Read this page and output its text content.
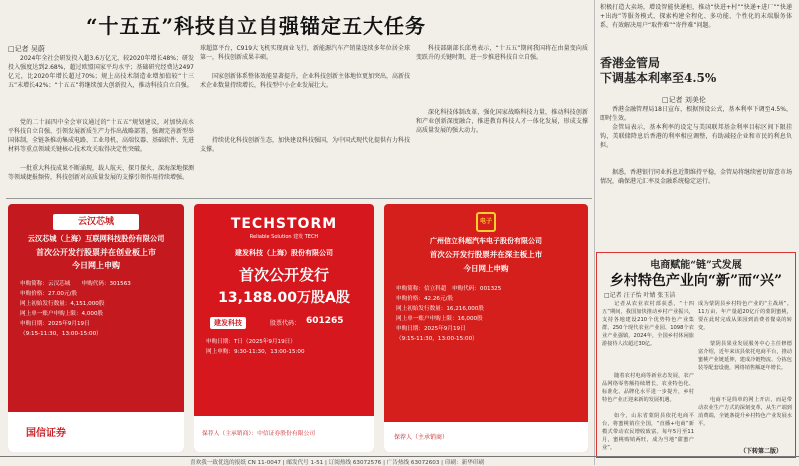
“十五五”科技自立自强锚定五大任务
□记者 吴蔚

2024年全社会研发投入超3.6万亿元，较2020年增长48%；研发投入强度达到2.68%，超过欧盟国家平均水平；基础研究经费达2497亿元，比2020年增长超过70%；规上高技术制造业增加值较“十三五”末增长42%；“十五五”将继续加大创新投入，推动科技自立自强。

党的二十届四中全会审议通过的“十五五”规划建议，对加快高水平科技自立自强、引领发展新质生产力作出战略部署，强调完善新型举国体制，全链条推动集成电路、工业母机、高端仪器、基础软件、先进材料等重点领域关键核心技术攻关取得决定性突破。

一批重大科技成果不断涌现，载人航天、探月探火、深海深地探测等领域捷报频传，科技创新对高质量发展的支撑引领作用持续增强。

球超算平台，C919大飞机实现商业飞行，新能源汽车产销量连续多年位居全球第一，科技创新成果丰硕。

国家创新体系整体效能显著提升，企业科技创新主体地位更加突出，高新技术企业数量持续增长，科技型中小企业发展壮大。

持续优化科技创新生态，加快建设科技强国，为中国式现代化提供有力科技支撑。

科技部副部长邱勇表示，“十五五”期间我国将在由量变向质变跃升的关键时期，进一步推进科技自立自强。

深化科技体制改革，强化国家战略科技力量，推动科技创新和产业创新深度融合，推进教育科技人才一体化发展，形成支撑高质量发展的强大动力。

积极打造大卖场，增设智能快递柜，推动“快进+村”“快递+进厂”“快递+出海”等服务模式，探索构建全程化、多功能、个性化的末端服务体系，有效解决用户“取件难”“寄件难”问题。

香港金管局
下调基本利率至4.5%
□记者 刘美伦

香港金融管理局18日宣布，根据预设公式，基本利率下调至4.5%，即时生效。

金管局表示，基本利率的设定与美国联邦基金利率目标区间下限挂钩，美联储降息后香港的利率相应调整，有助减轻企业和市民的利息负担。

据悉，香港银行同业拆息近期维持平稳，金管局将继续密切留意市场情况，确保港元汇率及金融系统稳定运行。

云汉芯城
云汉芯城（上海）互联网科技股份有限公司
首次公开发行股票并在创业板上市
今日网上申购
申购简称：云汉芯城　　申购代码：301563
申购价格：27.00元/股
网上初始发行数量：4,151,000股
网上单一账户申购上限：4,000股
申购日期：2025年9月19日
（9:15-11:30，13:00-15:00）
国信证券
TECHSTORM
Reliable Solution 建发 TECH
建发科技（上海）股份有限公司
首次公开发行
13,188.00万股A股
建发科技	股票代码： 601265
申购日期：T日（2025年9月19日）
网上申购：9:30-11:30，13:00-15:00
保荐人（主承销商）：中信证券股份有限公司
电子
广州信立科超汽车电子股份有限公司
首次公开发行股票并在深主板上市
今日网上申购
申购简称：信立科超　申购代码：001325
申购价格：42.26元/股
网上初始发行数量：16,216,000股
网上单一账户申购上限：16,000股
申购日期：2025年9月19日
（9:15-11:30，13:00-15:00）
保荐人（主承销商）
电商赋能“链”式发展
乡村特色产业向“新”而“兴”
□记者 汪子怡 叶婧 张玉洁

记者从农业农村部获悉，“十四五”期间，我国加快推动乡村产业振兴，支持各地建设210个优势特色产业集群、250个现代农业产业园、1098个农业产业强镇，2024年，全国乡村休闲旅游接待人次超过30亿。

随着农村电商等新业态发展，农产品网络零售额持续增长，农业特色化、标准化、品牌化水平进一步提升，乡村特色产业正迎来新的发展机遇。

如今，山东省蒙阴县依托电商平台，将蜜桃销往全国，“直播+电商”新模式带动农民增收致富。每年5月至11月，蜜桃购销两旺，成为当地“甜蜜产业”。

成为蒙阴县乡村特色产业的“主战场”。11万亩、年产量超20亿斤的蒙阴蜜桃，要在此时完成从果园到消费者餐桌的转变。

蒙阴县果业发展服务中心主任修德富介绍，近年来该县依托电商平台，推动蜜桃产业链延伸，建成冷链物流、分拣包装等配套设施，网络销售额逐年增长。

电商不是简单的网上开店，而是带动农业生产方式的深刻变革，从生产端到消费端，全链条提升乡村特色产业发展水平。

（下转第二版）
喜欢我一致优选的报纸 CN 11-0047 | 邮发代号 1-51 | 订阅热线 63072576 | 广告热线 63072603 | 印刷：新华印刷
